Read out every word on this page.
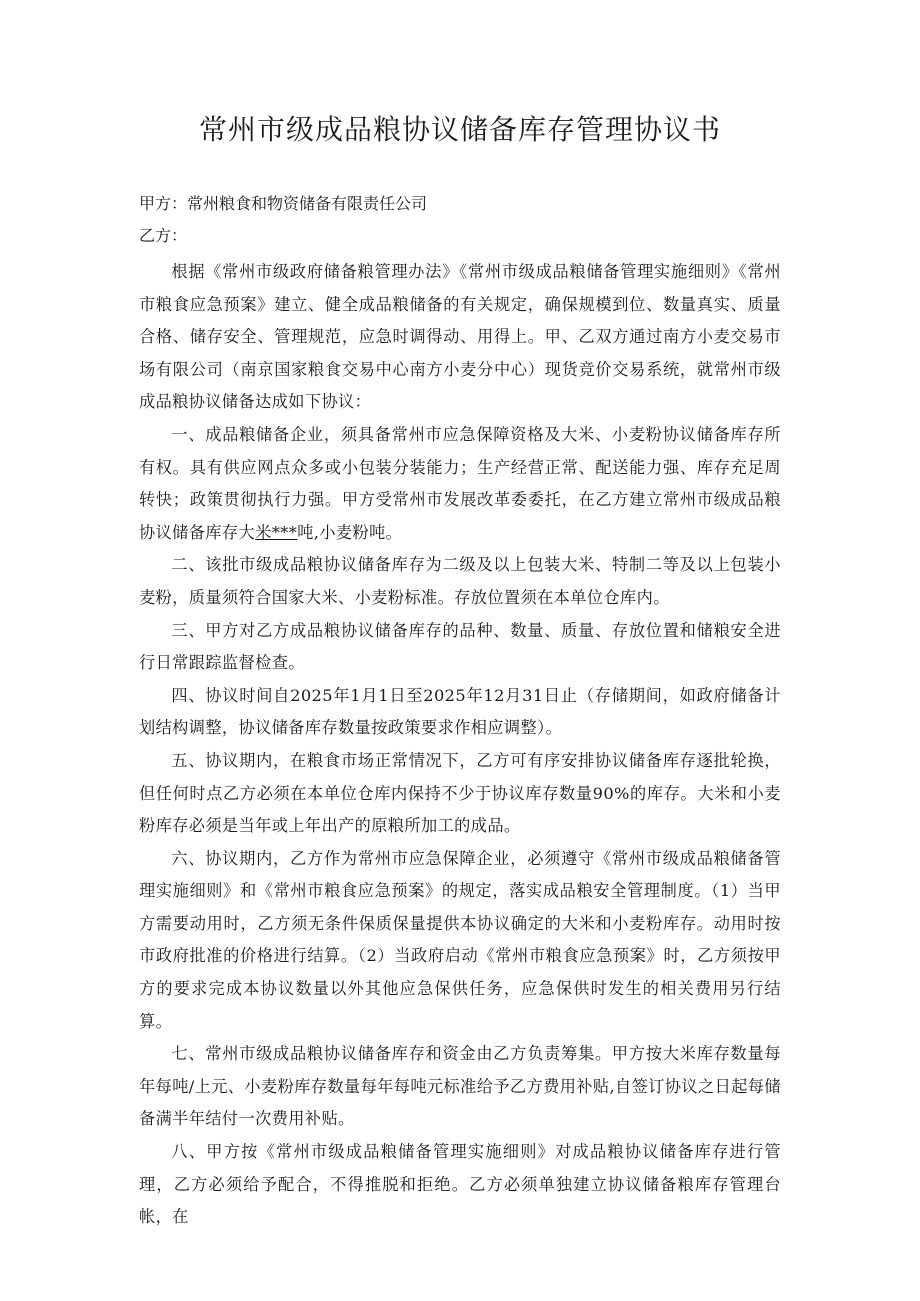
常州市级成品粮协议储备库存管理协议书

甲方：常州粮食和物资储备有限责任公司

乙方：

根据《常州市级政府储备粮管理办法》《常州市级成品粮储备管理实施细则》《常州市粮食应急预案》建立、健全成品粮储备的有关规定，确保规模到位、数量真实、质量合格、储存安全、管理规范，应急时调得动、用得上。甲、乙双方通过南方小麦交易市场有限公司（南京国家粮食交易中心南方小麦分中心）现货竞价交易系统，就常州市级成品粮协议储备达成如下协议：

一、成品粮储备企业，须具备常州市应急保障资格及大米、小麦粉协议储备库存所有权。具有供应网点众多或小包装分装能力；生产经营正常、配送能力强、库存充足周转快；政策贯彻执行力强。甲方受常州市发展改革委委托，在乙方建立常州市级成品粮协议储备库存大米***吨,小麦粉吨。

二、该批市级成品粮协议储备库存为二级及以上包装大米、特制二等及以上包装小麦粉，质量须符合国家大米、小麦粉标准。存放位置须在本单位仓库内。

三、甲方对乙方成品粮协议储备库存的品种、数量、质量、存放位置和储粮安全进行日常跟踪监督检查。

四、协议时间自2025年1月1日至2025年12月31日止（存储期间，如政府储备计划结构调整，协议储备库存数量按政策要求作相应调整）。

五、协议期内，在粮食市场正常情况下，乙方可有序安排协议储备库存逐批轮换，但任何时点乙方必须在本单位仓库内保持不少于协议库存数量90%的库存。大米和小麦粉库存必须是当年或上年出产的原粮所加工的成品。

六、协议期内，乙方作为常州市应急保障企业，必须遵守《常州市级成品粮储备管理实施细则》和《常州市粮食应急预案》的规定，落实成品粮安全管理制度。（1）当甲方需要动用时，乙方须无条件保质保量提供本协议确定的大米和小麦粉库存。动用时按市政府批准的价格进行结算。（2）当政府启动《常州市粮食应急预案》时，乙方须按甲方的要求完成本协议数量以外其他应急保供任务，应急保供时发生的相关费用另行结算。

七、常州市级成品粮协议储备库存和资金由乙方负责筹集。甲方按大米库存数量每年每吨/上元、小麦粉库存数量每年每吨元标准给予乙方费用补贴,自签订协议之日起每储备满半年结付一次费用补贴。

八、甲方按《常州市级成品粮储备管理实施细则》对成品粮协议储备库存进行管理，乙方必须给予配合，不得推脱和拒绝。乙方必须单独建立协议储备粮库存管理台帐，在
